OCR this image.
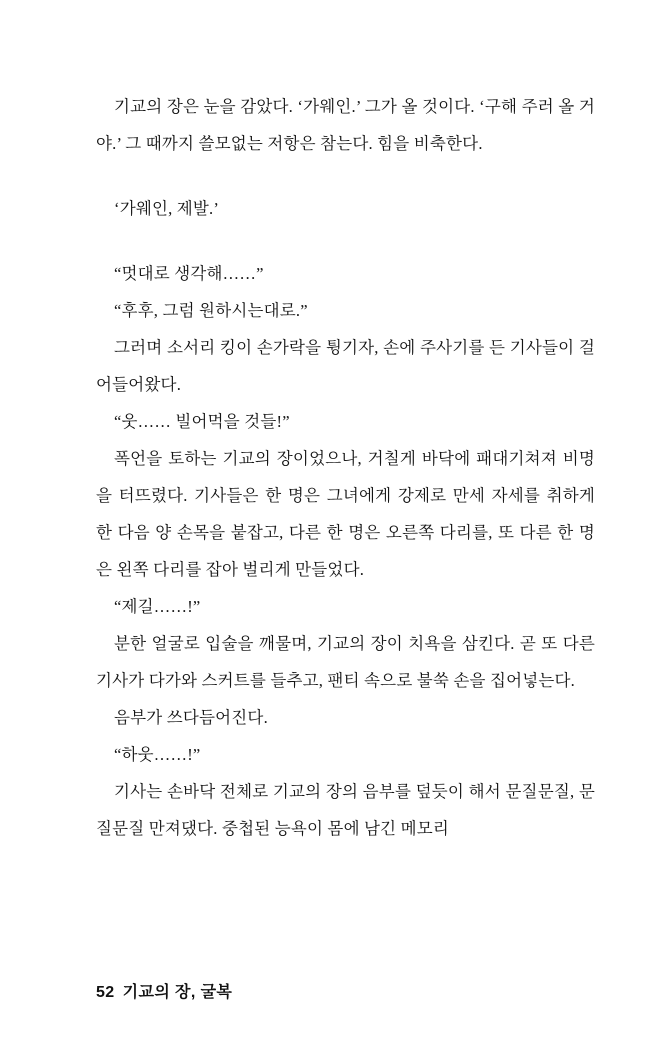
기교의 장은 눈을 감았다. ‘가웨인.’ 그가 올 것이다. ‘구해 주러 올 거야.’ 그 때까지 쓸모없는 저항은 참는다. 힘을 비축한다.

‘가웨인, 제발.’

“멋대로 생각해……”

“후후, 그럼 원하시는대로.”

그러며 소서리 킹이 손가락을 튕기자, 손에 주사기를 든 기사들이 걸어들어왔다.

“웃…… 빌어먹을 것들!”

폭언을 토하는 기교의 장이었으나, 거칠게 바닥에 패대기쳐져 비명을 터뜨렸다. 기사들은 한 명은 그녀에게 강제로 만세 자세를 취하게 한 다음 양 손목을 붙잡고, 다른 한 명은 오른쪽 다리를, 또 다른 한 명은 왼쪽 다리를 잡아 벌리게 만들었다.

“제길……!”

분한 얼굴로 입술을 깨물며, 기교의 장이 치욕을 삼킨다. 곧 또 다른 기사가 다가와 스커트를 들추고, 팬티 속으로 불쑥 손을 집어넣는다.

음부가 쓰다듬어진다.

“하웃……!”

기사는 손바닥 전체로 기교의 장의 음부를 덮듯이 해서 문질문질, 문질문질 만져댔다. 중첩된 능욕이 몸에 남긴 메모리

52 기교의 장, 굴복
